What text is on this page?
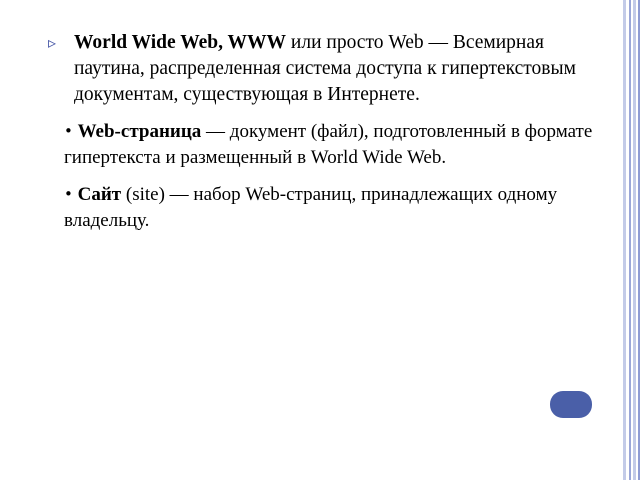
▹ World Wide Web, WWW или просто Web — Всемирная паутина, распределенная система доступа к гипертекстовым документам, существующая в Интернете.
• Web-страница — документ (файл), подготовленный в формате гипертекста и размещенный в World Wide Web.
• Сайт (site) — набор Web-страниц, принадлежащих одному владельцу.
